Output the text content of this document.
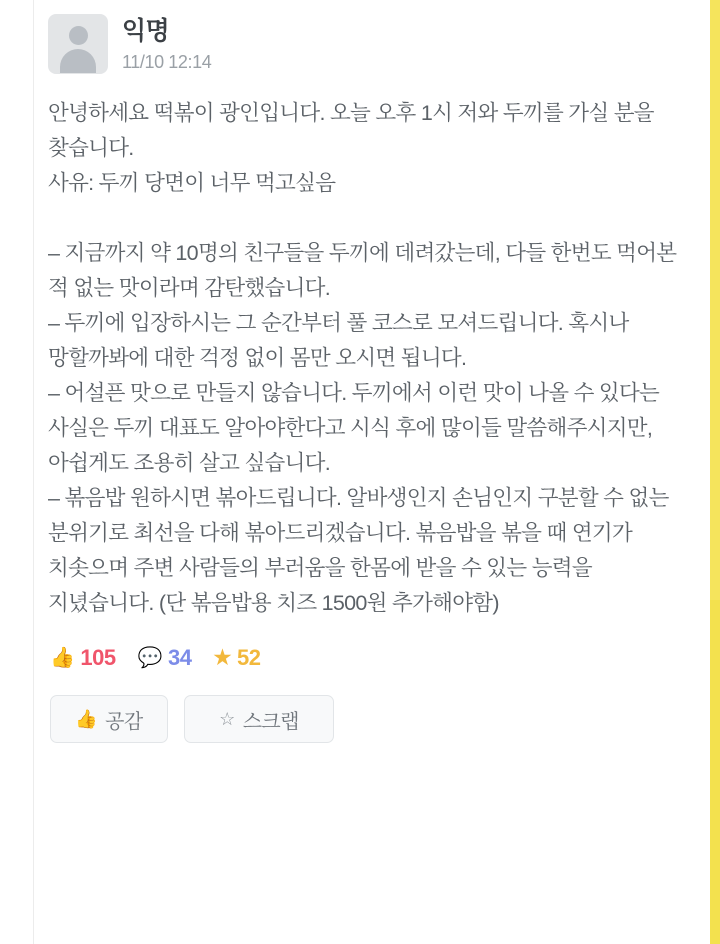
익명
11/10 12:14

안녕하세요 떡볶이 광인입니다. 오늘 오후 1시 저와 두끼를 가실 분을 찾습니다.

사유: 두끼 당면이 너무 먹고싶음

– 지금까지 약 10명의 친구들을 두끼에 데려갔는데, 다들 한번도 먹어본 적 없는 맛이라며 감탄했습니다.

– 두끼에 입장하시는 그 순간부터 풀 코스로 모셔드립니다. 혹시나 망할까봐에 대한 걱정 없이 몸만 오시면 됩니다.

– 어설픈 맛으로 만들지 않습니다. 두끼에서 이런 맛이 나올 수 있다는 사실은 두끼 대표도 알아야한다고 시식 후에 많이들 말씀해주시지만, 아쉽게도 조용히 살고 싶습니다.

– 볶음밥 원하시면 볶아드립니다. 알바생인지 손님인지 구분할 수 없는 분위기로 최선을 다해 볶아드리겠습니다. 볶음밥을 볶을 때 연기가 치솟으며 주변 사람들의 부러움을 한몸에 받을 수 있는 능력을 지녔습니다. (단 볶음밥용 치즈 1500원 추가해야함)

👍 105 💬 34 ★ 52
👍 공감	☆ 스크랩
